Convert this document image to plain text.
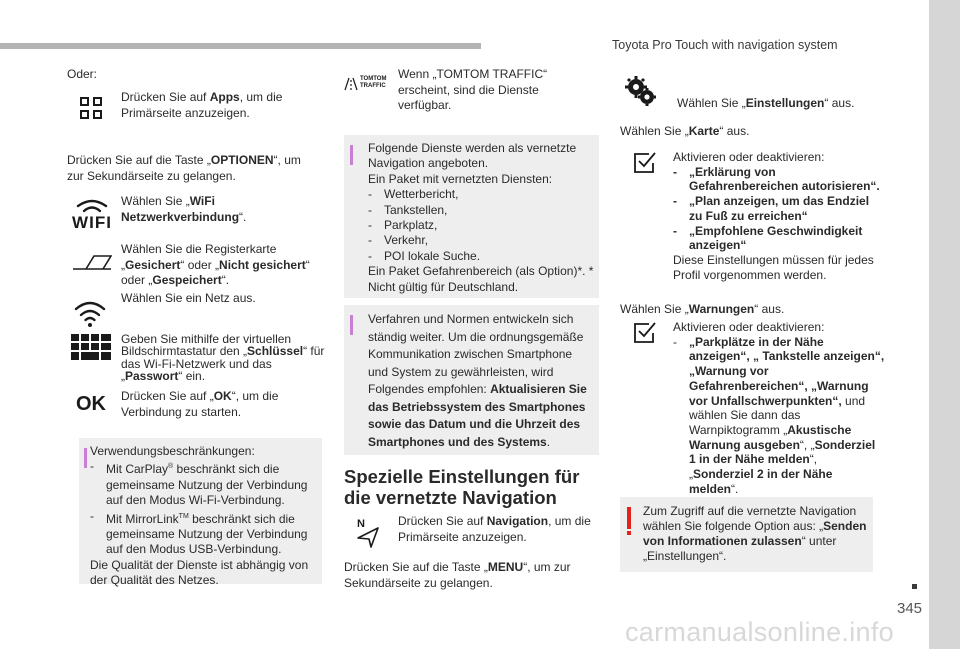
Toyota Pro Touch with navigation system
345
carmanualsonline.info
Oder:
Drücken Sie auf Apps, um die Primärseite anzuzeigen.
Drücken Sie auf die Taste „OPTIONEN“, um zur Sekundärseite zu gelangen.
WIFI
Wählen Sie „WiFi Netzwerkverbindung“.
Wählen Sie die Registerkarte „Gesichert“ oder „Nicht gesichert“ oder „Gespeichert“.
Wählen Sie ein Netz aus.
Geben Sie mithilfe der virtuellen Bildschirmtastatur den „Schlüssel“ für das Wi-Fi-Netzwerk und das „Passwort“ ein.
OK Drücken Sie auf „OK“, um die Verbindung zu starten.
Verwendungsbeschränkungen:
- Mit CarPlay® beschränkt sich die gemeinsame Nutzung der Verbindung auf den Modus Wi-Fi-Verbindung.
- Mit MirrorLink™ beschränkt sich die gemeinsame Nutzung der Verbindung auf den Modus USB-Verbindung.
Die Qualität der Dienste ist abhängig von der Qualität des Netzes.
TOMTOM
TRAFFIC
Wenn „TOMTOM TRAFFIC“ erscheint, sind die Dienste verfügbar.
Folgende Dienste werden als vernetzte Navigation angeboten.
Ein Paket mit vernetzten Diensten:
- Wetterbericht,
- Tankstellen,
- Parkplatz,
- Verkehr,
- POI lokale Suche.
Ein Paket Gefahrenbereich (als Option)*. * Nicht gültig für Deutschland.
Verfahren und Normen entwickeln sich ständig weiter. Um die ordnungsgemäße Kommunikation zwischen Smartphone und System zu gewährleisten, wird Folgendes empfohlen: Aktualisieren Sie das Betriebssystem des Smartphones sowie das Datum und die Uhrzeit des Smartphones und des Systems.
Spezielle Einstellungen für die vernetzte Navigation
N	Drücken Sie auf Navigation, um die Primärseite anzuzeigen.
Drücken Sie auf die Taste „MENU“, um zur Sekundärseite zu gelangen.
Wählen Sie „Einstellungen“ aus.
Wählen Sie „Karte“ aus.
Aktivieren oder deaktivieren:
- „Erklärung von Gefahrenbereichen autorisieren“.
- „Plan anzeigen, um das Endziel zu Fuß zu erreichen“
- „Empfohlene Geschwindigkeit anzeigen“
Diese Einstellungen müssen für jedes Profil vorgenommen werden.
Wählen Sie „Warnungen“ aus.
Aktivieren oder deaktivieren:
- „Parkplätze in der Nähe anzeigen“, „ Tankstelle anzeigen“, „Warnung vor Gefahrenbereichen“, „Warnung vor Unfallschwerpunkten“, und wählen Sie dann das Warnpiktogramm „Akustische Warnung ausgeben“, „Sonderziel 1 in der Nähe melden“, „Sonderziel 2 in der Nähe melden“.
Zum Zugriff auf die vernetzte Navigation wählen Sie folgende Option aus: „Senden von Informationen zulassen“ unter „Einstellungen“.
